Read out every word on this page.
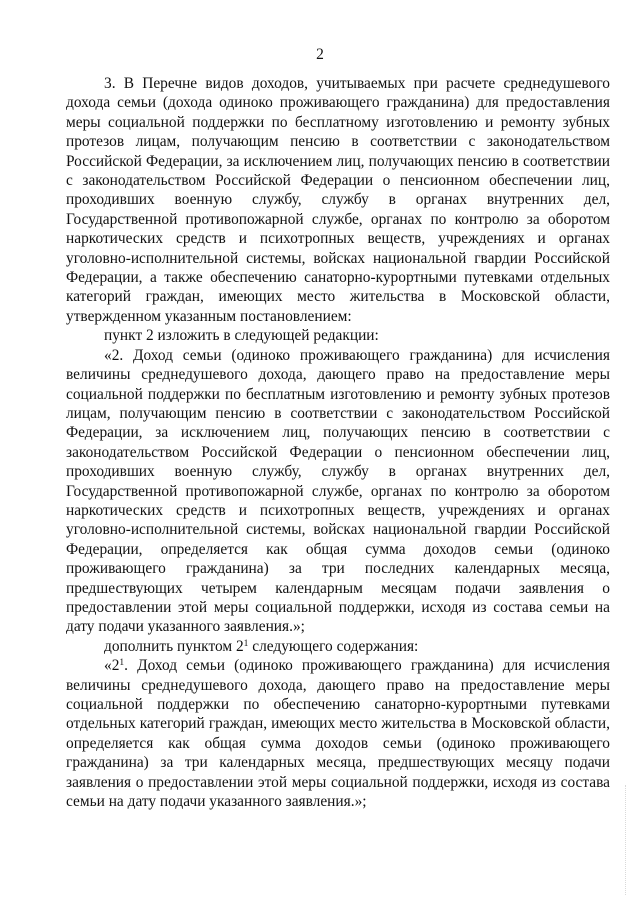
2

3. В Перечне видов доходов, учитываемых при расчете среднедушевого дохода семьи (дохода одиноко проживающего гражданина) для предоставления меры социальной поддержки по бесплатному изготовлению и ремонту зубных протезов лицам, получающим пенсию в соответствии с законодательством Российской Федерации, за исключением лиц, получающих пенсию в соответствии с законодательством Российской Федерации о пенсионном обеспечении лиц, проходивших военную службу, службу в органах внутренних дел, Государственной противопожарной службе, органах по контролю за оборотом наркотических средств и психотропных веществ, учреждениях и органах уголовно-исполнительной системы, войсках национальной гвардии Российской Федерации, а также обеспечению санаторно-курортными путевками отдельных категорий граждан, имеющих место жительства в Московской области, утвержденном указанным постановлением:

пункт 2 изложить в следующей редакции:

«2. Доход семьи (одиноко проживающего гражданина) для исчисления величины среднедушевого дохода, дающего право на предоставление меры социальной поддержки по бесплатным изготовлению и ремонту зубных протезов лицам, получающим пенсию в соответствии с законодательством Российской Федерации, за исключением лиц, получающих пенсию в соответствии с законодательством Российской Федерации о пенсионном обеспечении лиц, проходивших военную службу, службу в органах внутренних дел, Государственной противопожарной службе, органах по контролю за оборотом наркотических средств и психотропных веществ, учреждениях и органах уголовно-исполнительной системы, войсках национальной гвардии Российской Федерации, определяется как общая сумма доходов семьи (одиноко проживающего гражданина) за три последних календарных месяца, предшествующих четырем календарным месяцам подачи заявления о предоставлении этой меры социальной поддержки, исходя из состава семьи на дату подачи указанного заявления.»;

дополнить пунктом $2^1$ следующего содержания:

«$2^1$. Доход семьи (одиноко проживающего гражданина) для исчисления величины среднедушевого дохода, дающего право на предоставление меры социальной поддержки по обеспечению санаторно-курортными путевками отдельных категорий граждан, имеющих место жительства в Московской области, определяется как общая сумма доходов семьи (одиноко проживающего гражданина) за три календарных месяца, предшествующих месяцу подачи заявления о предоставлении этой меры социальной поддержки, исходя из состава семьи на дату подачи указанного заявления.»;
